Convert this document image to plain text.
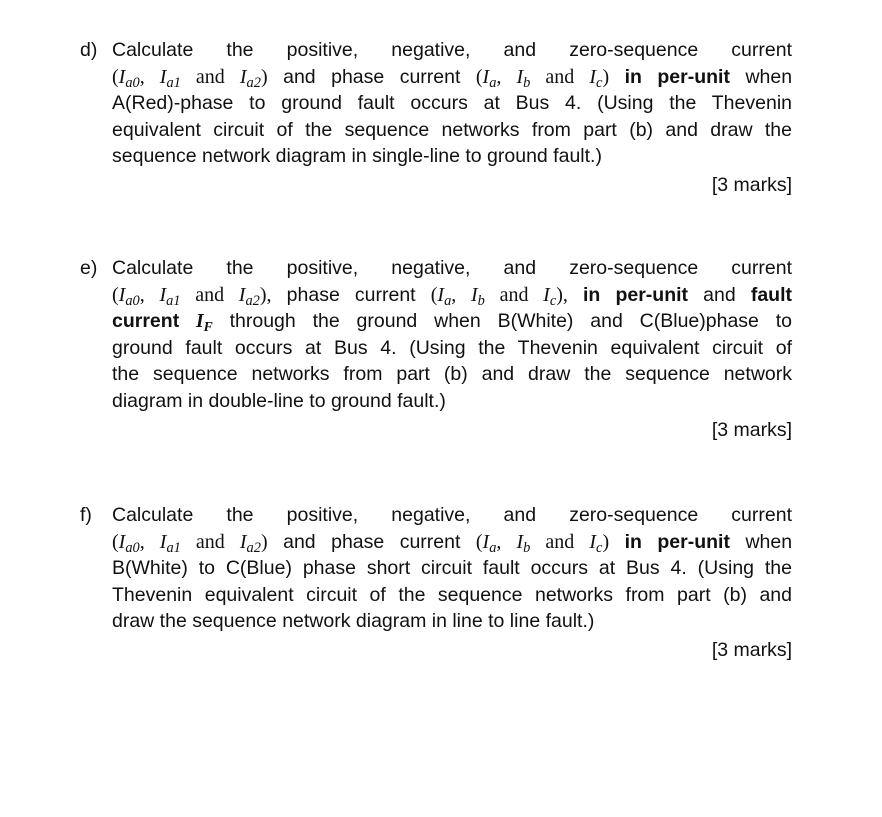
d) Calculate the positive, negative, and zero-sequence current
($I_{a0}$, $I_{a1}$ and $I_{a2}$) and phase current ($I_a$, $I_b$ and $I_c$) in per-unit when
A(Red)-phase to ground fault occurs at Bus 4. (Using the Thevenin
equivalent circuit of the sequence networks from part (b) and draw the
sequence network diagram in single-line to ground fault.)
[3 marks]
e) Calculate the positive, negative, and zero-sequence current
($I_{a0}$, $I_{a1}$ and $I_{a2}$), phase current ($I_a$, $I_b$ and $I_c$), in per-unit and fault
current $I_F$ through the ground when B(White) and C(Blue)phase to
ground fault occurs at Bus 4. (Using the Thevenin equivalent circuit of
the sequence networks from part (b) and draw the sequence network
diagram in double-line to ground fault.)
[3 marks]
f)	Calculate the positive, negative, and zero-sequence current
($I_{a0}$, $I_{a1}$ and $I_{a2}$) and phase current ($I_a$, $I_b$ and $I_c$) in per-unit when
B(White) to C(Blue) phase short circuit fault occurs at Bus 4. (Using the
Thevenin equivalent circuit of the sequence networks from part (b) and
draw the sequence network diagram in line to line fault.)
[3 marks]
